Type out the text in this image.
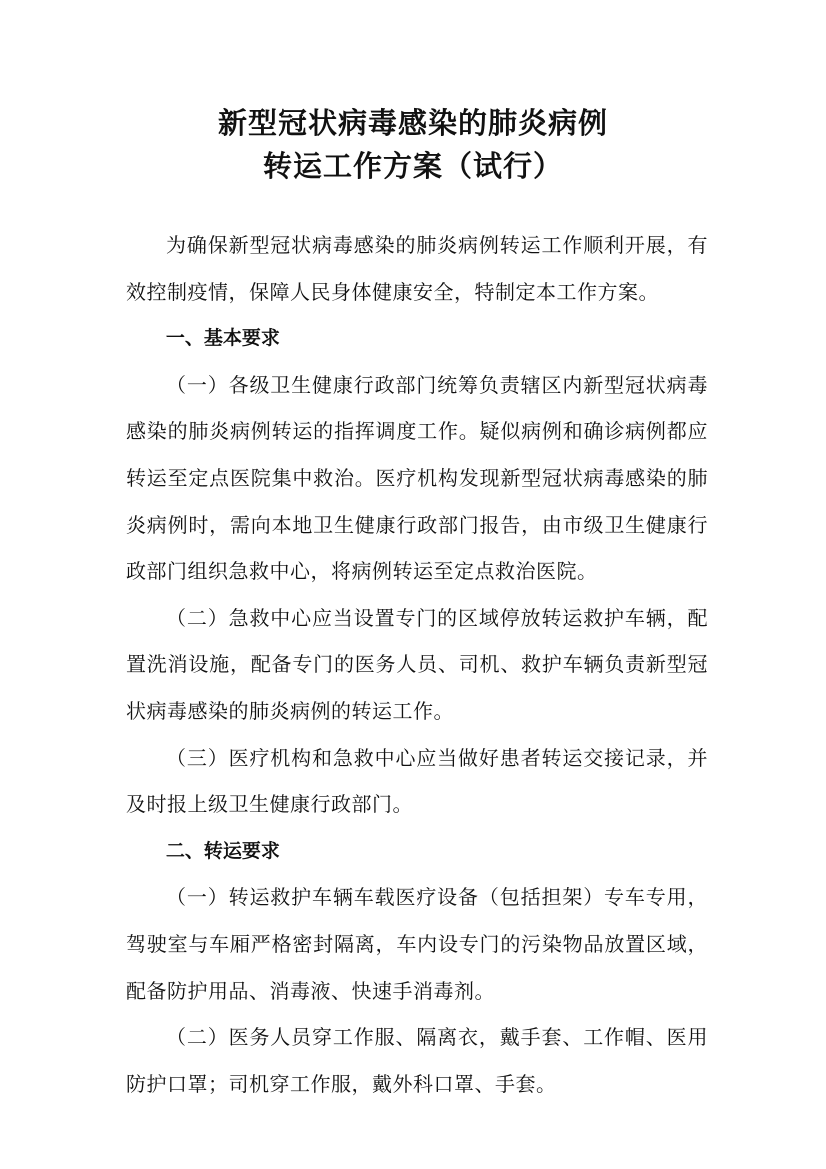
新型冠状病毒感染的肺炎病例
转运工作方案（试行）

为确保新型冠状病毒感染的肺炎病例转运工作顺利开展，有效控制疫情，保障人民身体健康安全，特制定本工作方案。

一、基本要求

（一）各级卫生健康行政部门统筹负责辖区内新型冠状病毒感染的肺炎病例转运的指挥调度工作。疑似病例和确诊病例都应转运至定点医院集中救治。医疗机构发现新型冠状病毒感染的肺炎病例时，需向本地卫生健康行政部门报告，由市级卫生健康行政部门组织急救中心，将病例转运至定点救治医院。

（二）急救中心应当设置专门的区域停放转运救护车辆，配置洗消设施，配备专门的医务人员、司机、救护车辆负责新型冠状病毒感染的肺炎病例的转运工作。

（三）医疗机构和急救中心应当做好患者转运交接记录，并及时报上级卫生健康行政部门。

二、转运要求

（一）转运救护车辆车载医疗设备（包括担架）专车专用，驾驶室与车厢严格密封隔离，车内设专门的污染物品放置区域，配备防护用品、消毒液、快速手消毒剂。

（二）医务人员穿工作服、隔离衣，戴手套、工作帽、医用防护口罩；司机穿工作服，戴外科口罩、手套。
